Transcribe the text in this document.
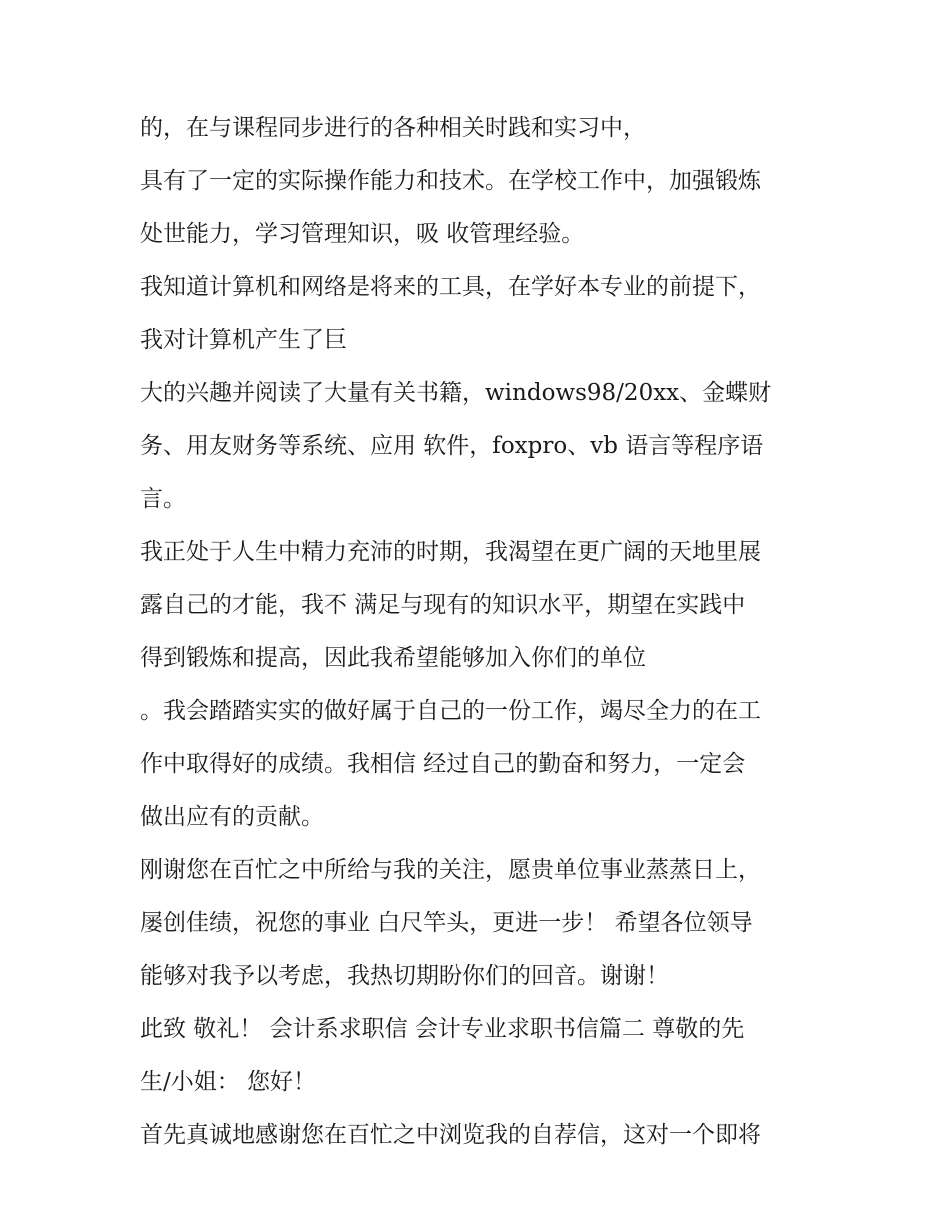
的，在与课程同步进行的各种相关时践和实习中，
具有了一定的实际操作能力和技术。在学校工作中，加强锻炼
处世能力，学习管理知识，吸 收管理经验。
我知道计算机和网络是将来的工具，在学好本专业的前提下，
我对计算机产生了巨
大的兴趣并阅读了大量有关书籍，windows98/20xx、金蝶财
务、用友财务等系统、应用 软件，foxpro、vb 语言等程序语
言。
我正处于人生中精力充沛的时期，我渴望在更广阔的天地里展
露自己的才能，我不 满足与现有的知识水平，期望在实践中
得到锻炼和提高，因此我希望能够加入你们的单位
。我会踏踏实实的做好属于自己的一份工作，竭尽全力的在工
作中取得好的成绩。我相信 经过自己的勤奋和努力，一定会
做出应有的贡献。
刚谢您在百忙之中所给与我的关注，愿贵单位事业蒸蒸日上，
屡创佳绩，祝您的事业 白尺竿头，更进一步！ 希望各位领导
能够对我予以考虑，我热切期盼你们的回音。谢谢！
此致 敬礼！ 会计系求职信 会计专业求职书信篇二 尊敬的先
生/小姐： 您好！
首先真诚地感谢您在百忙之中浏览我的自荐信，这对一个即将
